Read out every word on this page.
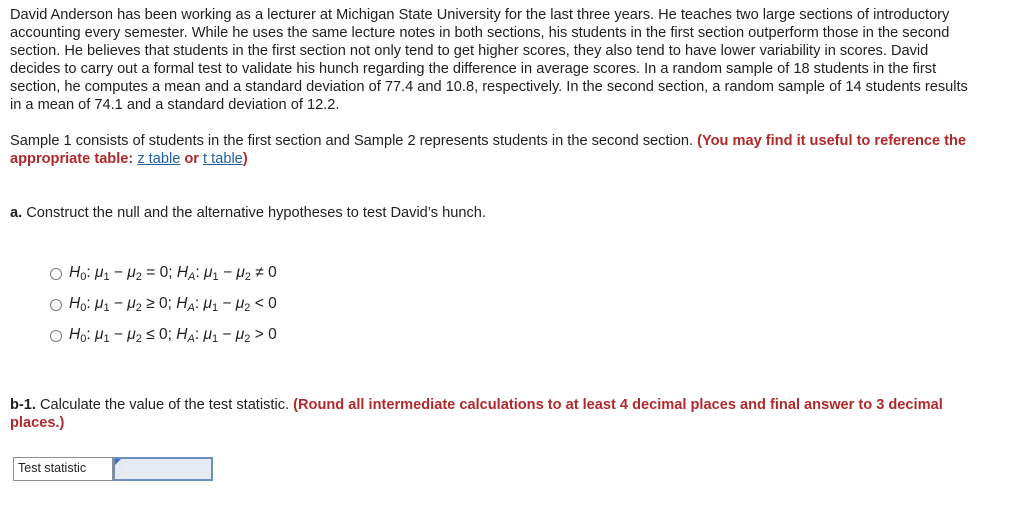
David Anderson has been working as a lecturer at Michigan State University for the last three years. He teaches two large sections of introductory accounting every semester. While he uses the same lecture notes in both sections, his students in the first section outperform those in the second section. He believes that students in the first section not only tend to get higher scores, they also tend to have lower variability in scores. David decides to carry out a formal test to validate his hunch regarding the difference in average scores. In a random sample of 18 students in the first section, he computes a mean and a standard deviation of 77.4 and 10.8, respectively. In the second section, a random sample of 14 students results in a mean of 74.1 and a standard deviation of 12.2.
Sample 1 consists of students in the first section and Sample 2 represents students in the second section. (You may find it useful to reference the appropriate table: z table or t table)
a. Construct the null and the alternative hypotheses to test David’s hunch.
$H_0$: $\mu_1 - \mu_2 = 0$; $H_A$: $\mu_1 - \mu_2 \ne 0$
$H_0$: $\mu_1 - \mu_2 \ge 0$; $H_A$: $\mu_1 - \mu_2 < 0$
$H_0$: $\mu_1 - \mu_2 \le 0$; $H_A$: $\mu_1 - \mu_2 > 0$
b-1. Calculate the value of the test statistic. (Round all intermediate calculations to at least 4 decimal places and final answer to 3 decimal places.)
Test statistic
